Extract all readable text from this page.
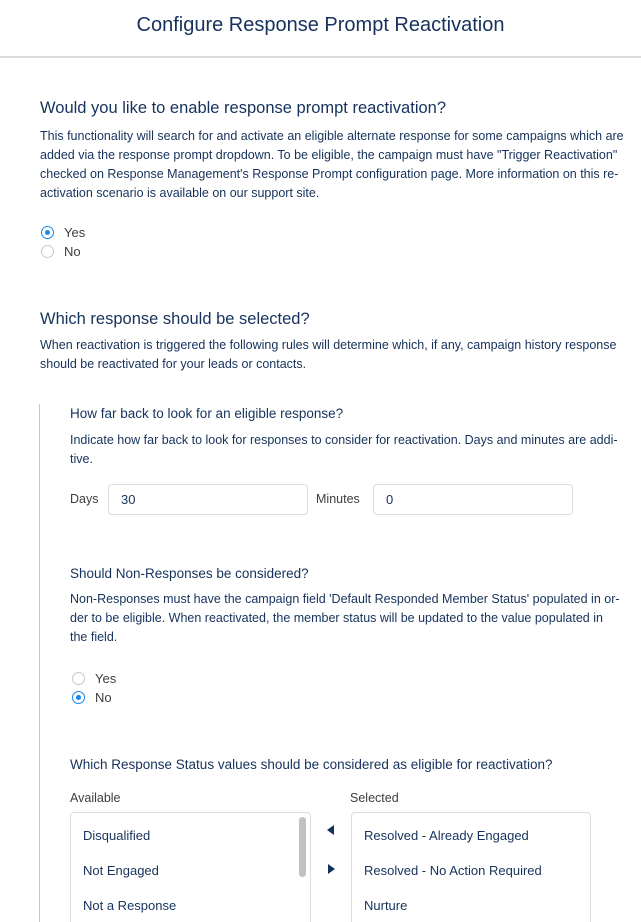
Configure Response Prompt Reactivation
Would you like to enable response prompt reactivation?
This functionality will search for and activate an eligible alternate response for some campaigns which are
added via the response prompt dropdown. To be eligible, the campaign must have "Trigger Reactivation"
checked on Response Management's Response Prompt configuration page. More information on this re-
activation scenario is available on our support site.
Yes
No
Which response should be selected?
When reactivation is triggered the following rules will determine which, if any, campaign history response
should be reactivated for your leads or contacts.
How far back to look for an eligible response?
Indicate how far back to look for responses to consider for reactivation. Days and minutes are addi-
tive.
Days
30	Minutes
0
Should Non-Responses be considered?
Non-Responses must have the campaign field 'Default Responded Member Status' populated in or-
der to be eligible. When reactivated, the member status will be updated to the value populated in
the field.
Yes
No
Which Response Status values should be considered as eligible for reactivation?
Available	Selected
Disqualified
Not Engaged
Not a Response
Resolved - Already Engaged
Resolved - No Action Required
Nurture
